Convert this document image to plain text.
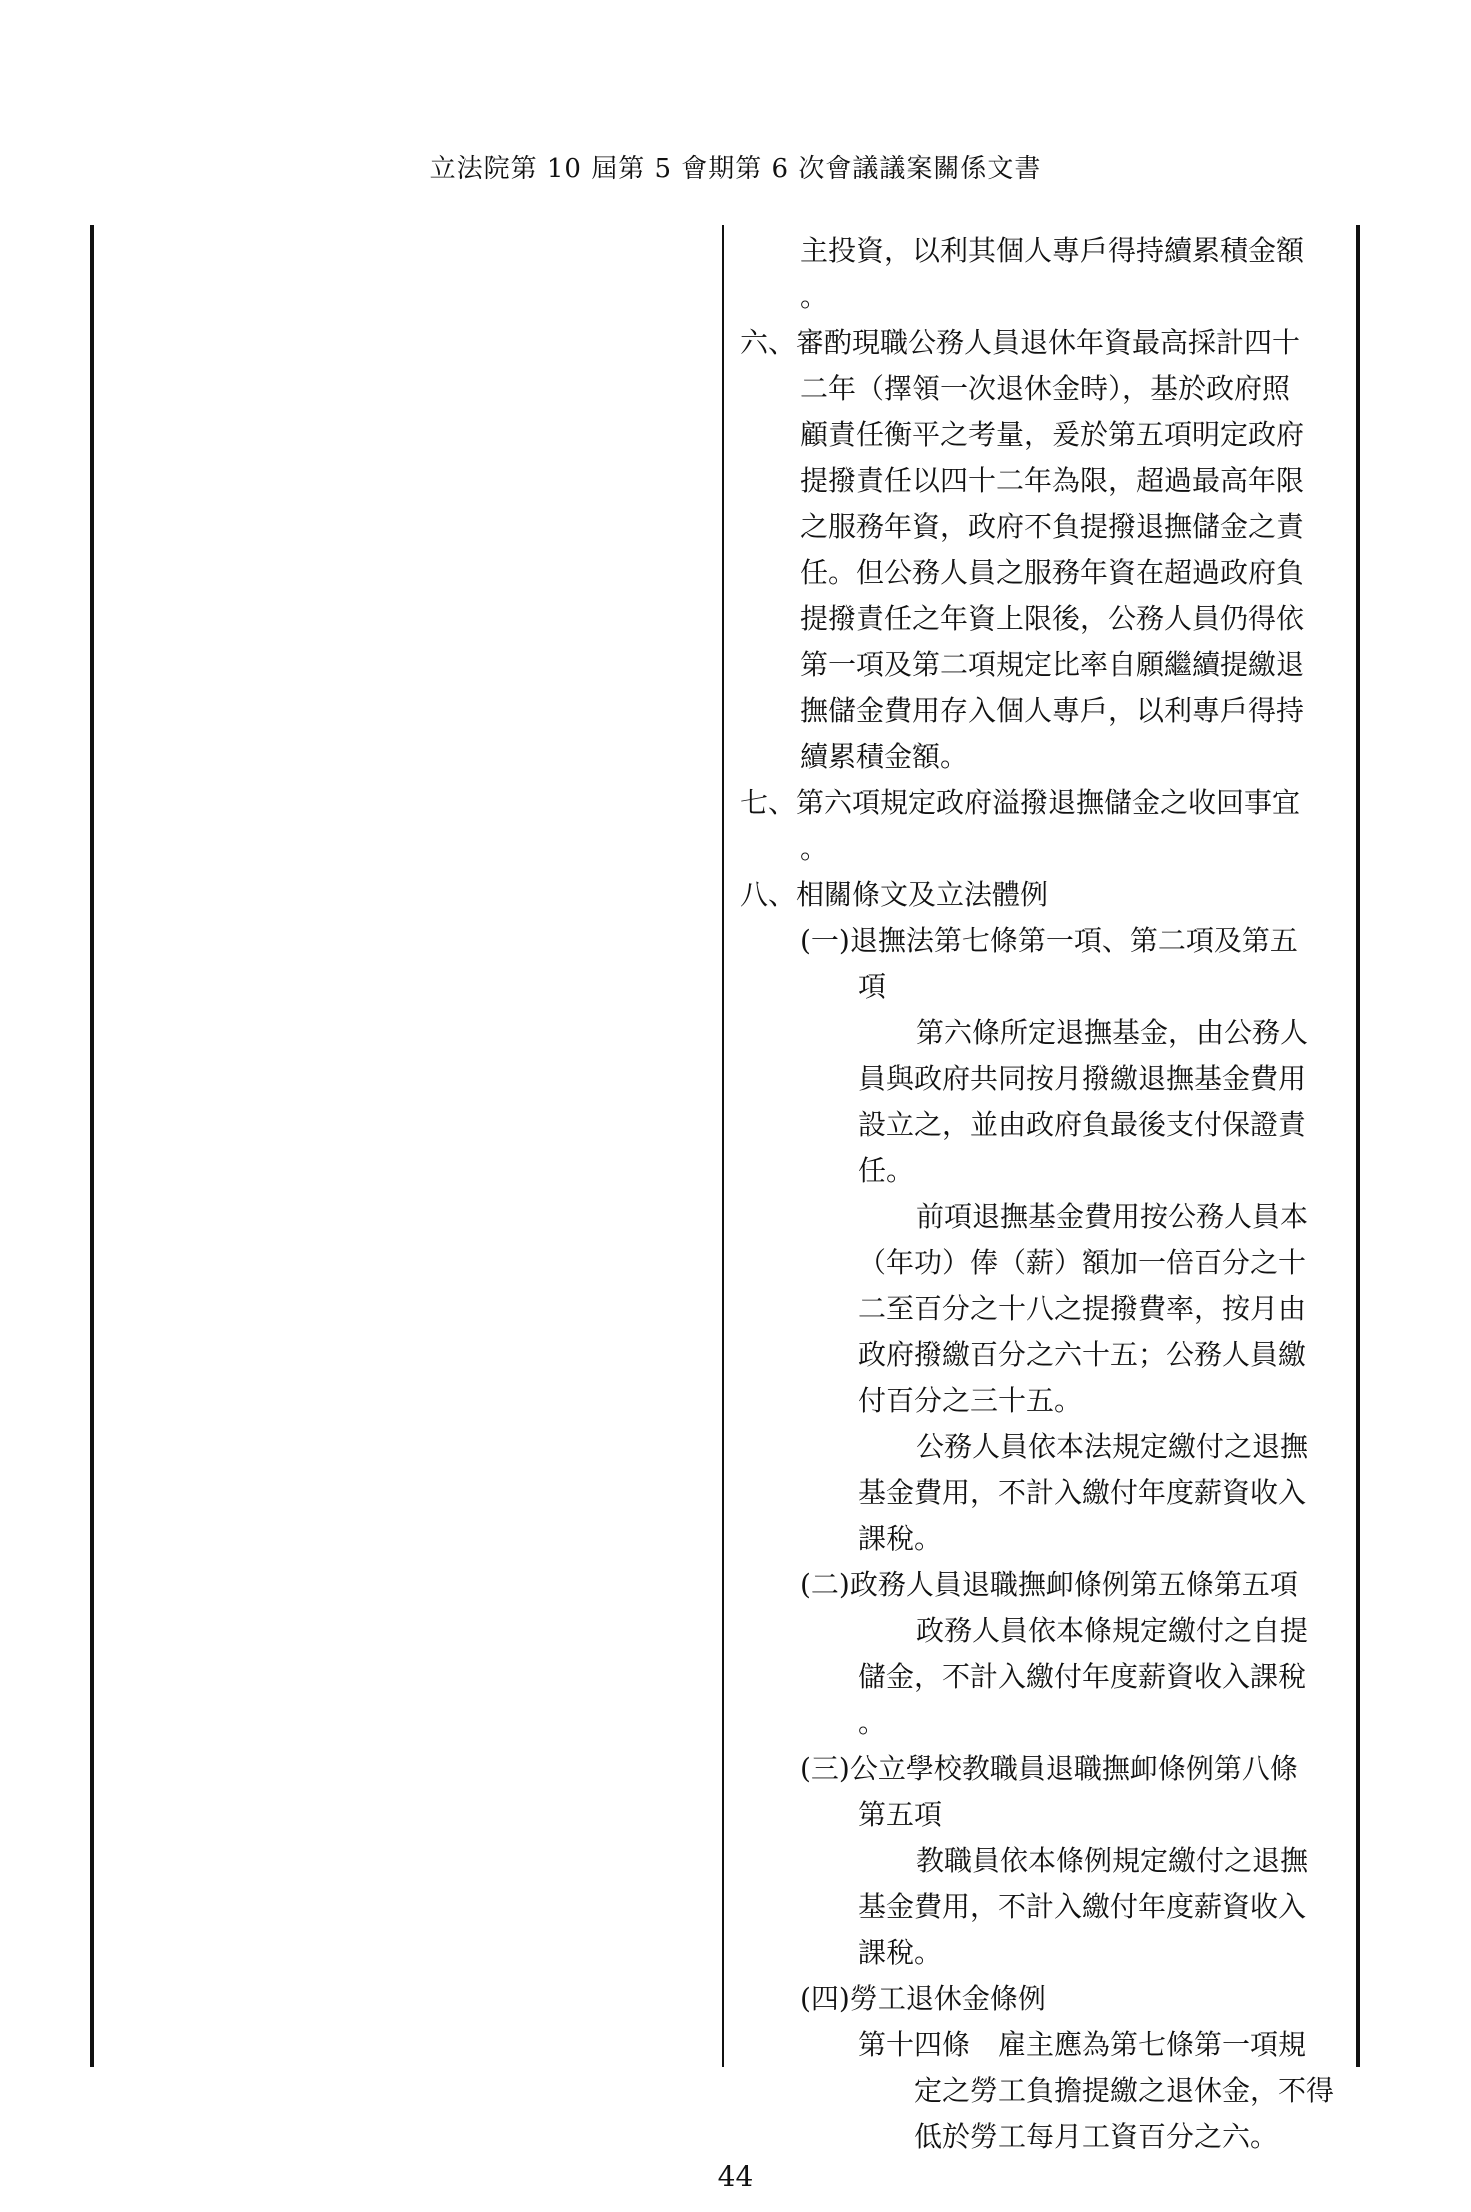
立法院第 10 屆第 5 會期第 6 次會議議案關係文書
主投資，以利其個人專戶得持續累積金額
。
六、審酌現職公務人員退休年資最高採計四十
二年（擇領一次退休金時），基於政府照
顧責任衡平之考量，爰於第五項明定政府
提撥責任以四十二年為限，超過最高年限
之服務年資，政府不負提撥退撫儲金之責
任。但公務人員之服務年資在超過政府負
提撥責任之年資上限後，公務人員仍得依
第一項及第二項規定比率自願繼續提繳退
撫儲金費用存入個人專戶，以利專戶得持
續累積金額。
七、第六項規定政府溢撥退撫儲金之收回事宜
。
八、相關條文及立法體例
(一)退撫法第七條第一項、第二項及第五
項
第六條所定退撫基金，由公務人
員與政府共同按月撥繳退撫基金費用
設立之，並由政府負最後支付保證責
任。
前項退撫基金費用按公務人員本
（年功）俸（薪）額加一倍百分之十
二至百分之十八之提撥費率，按月由
政府撥繳百分之六十五；公務人員繳
付百分之三十五。
公務人員依本法規定繳付之退撫
基金費用，不計入繳付年度薪資收入
課稅。
(二)政務人員退職撫卹條例第五條第五項
政務人員依本條規定繳付之自提
儲金，不計入繳付年度薪資收入課稅
。
(三)公立學校教職員退職撫卹條例第八條
第五項
教職員依本條例規定繳付之退撫
基金費用，不計入繳付年度薪資收入
課稅。
(四)勞工退休金條例
第十四條　雇主應為第七條第一項規
　定之勞工負擔提繳之退休金，不得
　低於勞工每月工資百分之六。
44
